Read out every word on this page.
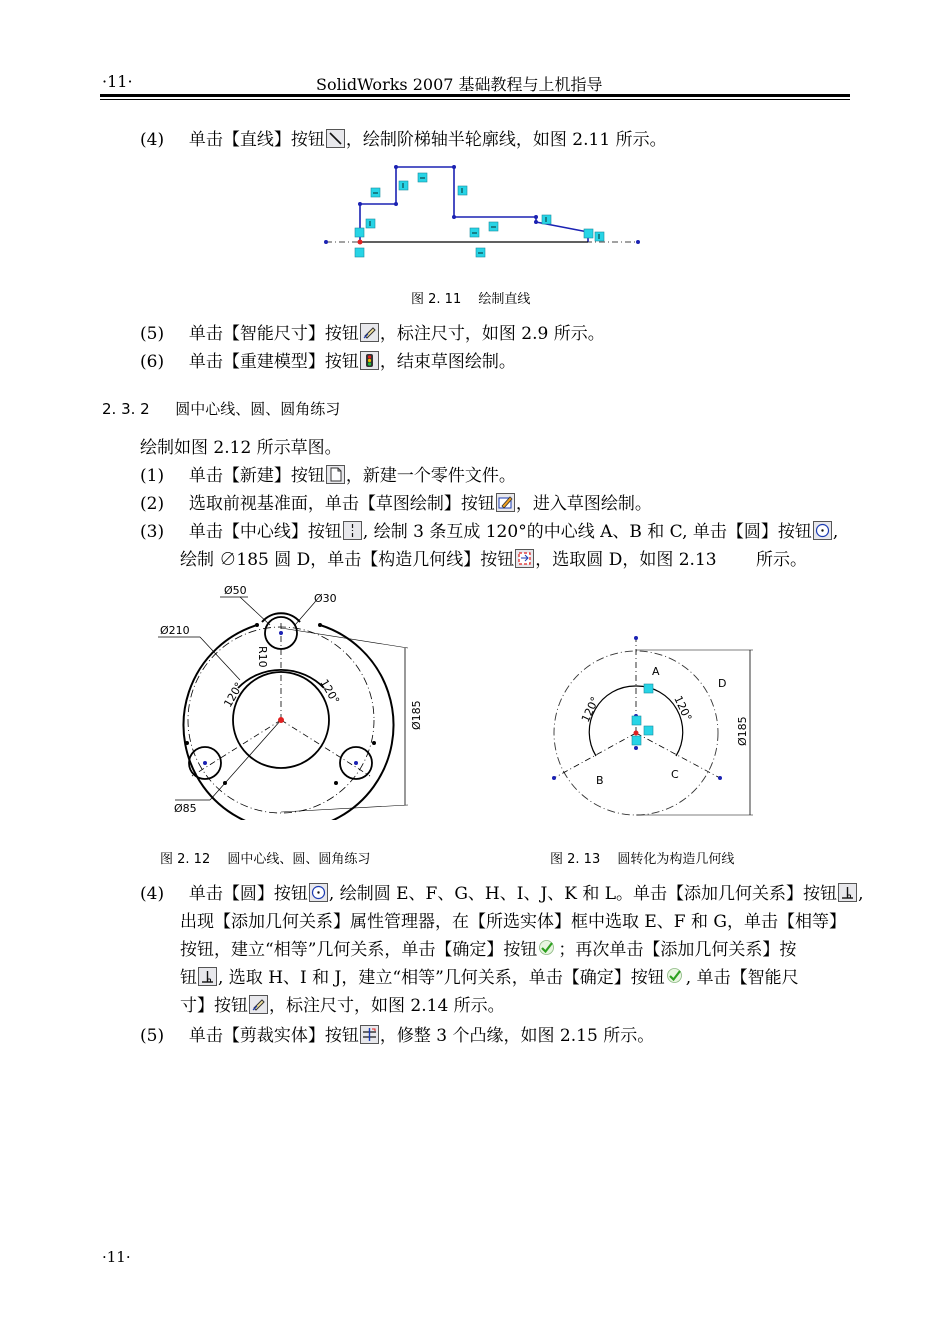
·11·	SolidWorks 2007 基础教程与上机指导
(4) 单击【直线】按钮 ，绘制阶梯轴半轮廓线，如图 2.11 所示。
图 2. 11　 绘制直线
(5) 单击【智能尺寸】按钮 ，标注尺寸，如图 2.9 所示。
(6) 单击【重建模型】按钮 ，结束草图绘制。
2. 3. 2 圆中心线、圆、圆角练习
绘制如图 2.12 所示草图。
(1) 单击【新建】按钮 ，新建一个零件文件。
(2) 选取前视基准面，单击【草图绘制】按钮 ，进入草图绘制。
(3) 单击【中心线】按钮 , 绘制 3 条互成 120°的中心线 A、B 和 C, 单击【圆】按钮 ,
绘制 ∅185 圆 D，单击【构造几何线】按钮 ，选取圆 D，如图 2.13　　 所示。
Ø50
Ø30
Ø210
R10
Ø185
Ø85
120°	120°
A
B	C
D
Ø185
120°	120°
图 2. 12　 圆中心线、圆、圆角练习	图 2. 13　 圆转化为构造几何线
(4) 单击【圆】按钮 , 绘制圆 E、F、G、H、I、J、K 和 L。单击【添加几何关系】按钮 ,
出现【添加几何关系】属性管理器，在【所选实体】框中选取 E、F 和 G，单击【相等】
按钮，建立“相等”几何关系，单击【确定】按钮 ；再次单击【添加几何关系】按
钮 , 选取 H、I 和 J，建立“相等”几何关系，单击【确定】按钮 , 单击【智能尺
寸】按钮 ，标注尺寸，如图 2.14 所示。
(5) 单击【剪裁实体】按钮 ，修整 3 个凸缘，如图 2.15 所示。
·11·
